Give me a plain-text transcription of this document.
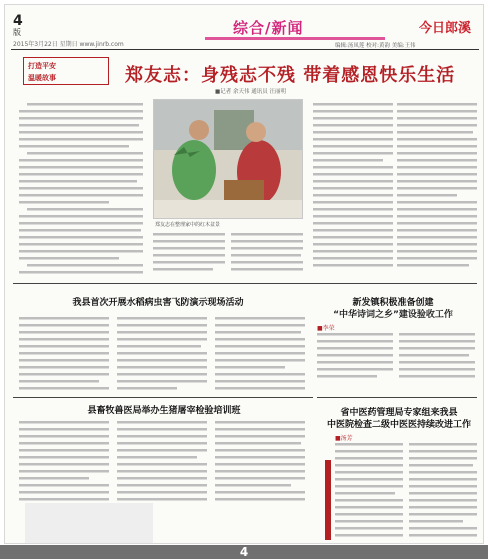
4
版
2015年3月22日 星期日 www.jinrb.com
综合/新闻	今日郎溪
编辑:汤凤莲 校对:黄韵 美编:王伟
打造平安
温暖故事	郑友志：身残志不残 带着感恩快乐生活
■记者 余天伟 通讯员 汪丽明
郑友志在整理家中的红木盆景
我县首次开展水稻病虫害飞防演示现场活动	新发镇积极准备创建
“中华诗词之乡”建设验收工作
■李荣
县畜牧兽医局举办生猪屠宰检验培训班	省中医药管理局专家组来我县
中医院检查二级中医医持续改进工作
■汤芳
4
